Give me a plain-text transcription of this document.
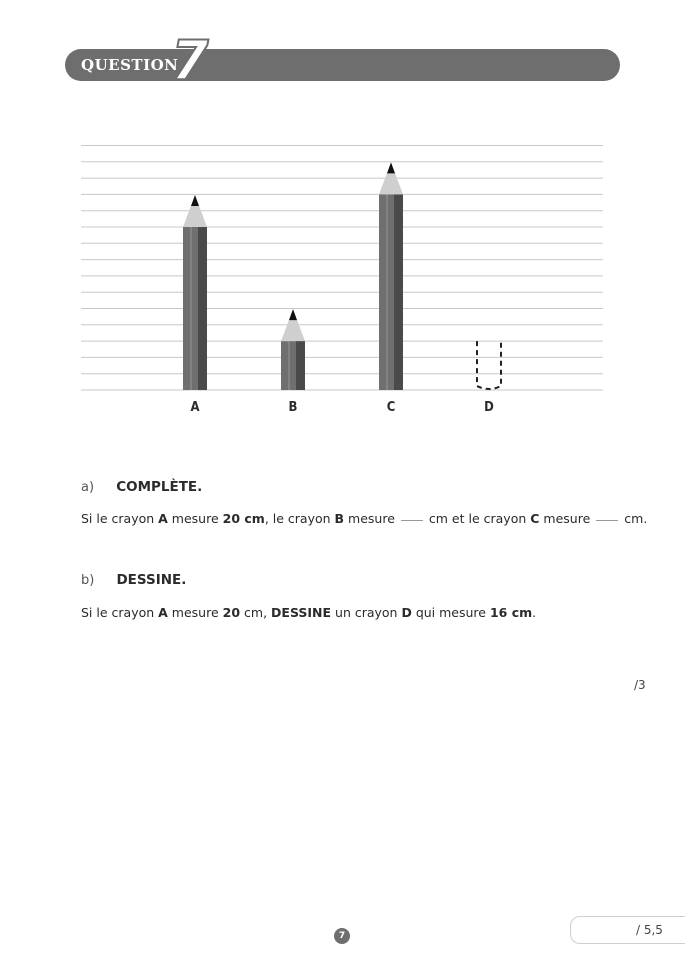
QUESTION
7
A	B	C	D
a) COMPLÈTE.
Si le crayon A mesure 20 cm, le crayon B mesure	cm et le crayon C mesure	cm.
b) DESSINE.
Si le crayon A mesure 20 cm, DESSINE un crayon D qui mesure 16 cm.
/3
/ 5,5
7
